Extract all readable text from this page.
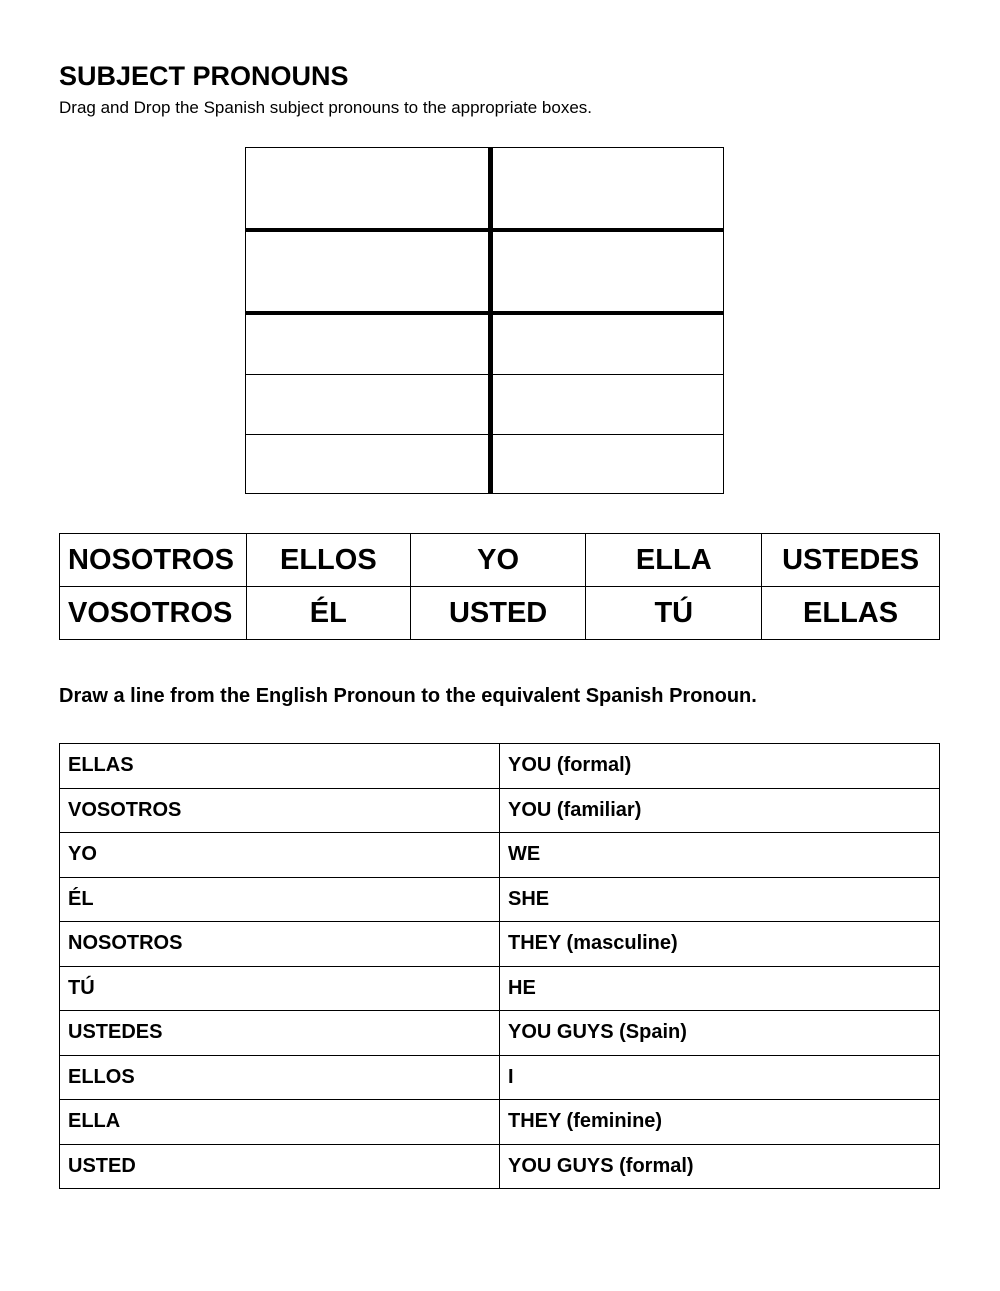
SUBJECT PRONOUNS

Drag and Drop the Spanish subject pronouns to the appropriate boxes.

NOSOTROS	ELLOS	YO	ELLA	USTEDES
VOSOTROS	ÉL	USTED	TÚ	ELLAS

Draw a line from the English Pronoun to the equivalent Spanish Pronoun.

ELLAS	YOU (formal)
VOSOTROS	YOU (familiar)
YO	WE
ÉL	SHE
NOSOTROS	THEY (masculine)
TÚ	HE
USTEDES	YOU GUYS (Spain)
ELLOS	I
ELLA	THEY (feminine)
USTED	YOU GUYS (formal)
